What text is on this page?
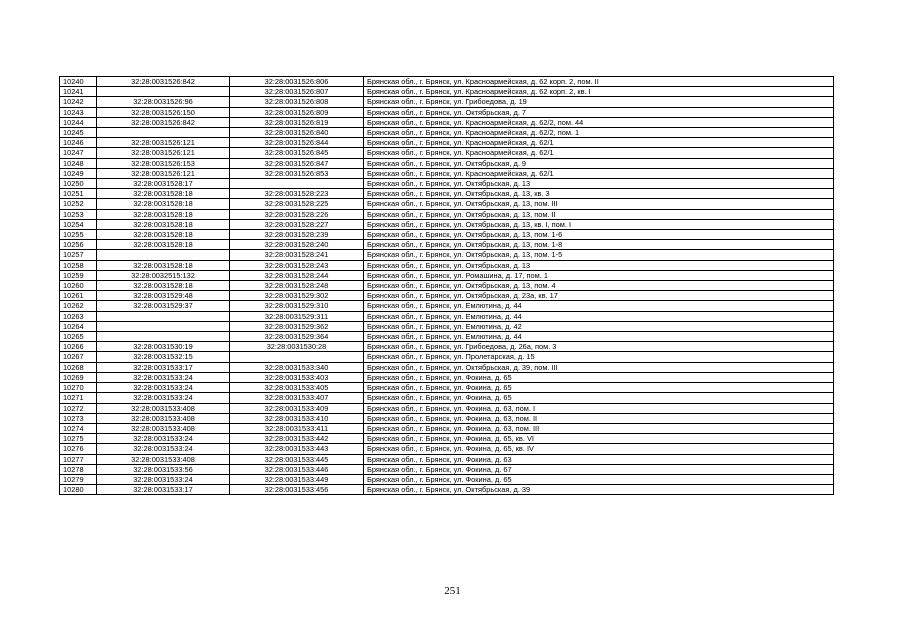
10240	32:28:0031526:842	32:28:0031526:806	Брянская обл., г. Брянск, ул. Красноармейская, д. 62 корп. 2, пом. II
10241		32:28:0031526:807	Брянская обл., г. Брянск, ул. Красноармейская, д. 62 корп. 2, кв. I
10242	32:28:0031526:96	32:28:0031526:808	Брянская обл., г. Брянск, ул. Грибоедова, д. 19
10243	32:28:0031526:150	32:28:0031526:809	Брянская обл., г. Брянск, ул. Октябрьская, д. 7
10244	32:28:0031526:842	32:28:0031526:819	Брянская обл., г. Брянск, ул. Красноармейская, д. 62/2, пом. 44
10245		32:28:0031526:840	Брянская обл., г. Брянск, ул. Красноармейская, д. 62/2, пом. 1
10246	32:28:0031526:121	32:28:0031526:844	Брянская обл., г. Брянск, ул. Красноармейская, д. 62/1
10247	32:28:0031526:121	32:28:0031526:845	Брянская обл., г. Брянск, ул. Красноармейская, д. 62/1
10248	32:28:0031526:153	32:28:0031526:847	Брянская обл., г. Брянск, ул. Октябрьская, д. 9
10249	32:28:0031526:121	32:28:0031526:853	Брянская обл., г. Брянск, ул. Красноармейская, д. 62/1
10250	32:28:0031528:17		Брянская обл., г. Брянск, ул. Октябрьская, д. 13
10251	32:28:0031528:18	32:28:0031528:223	Брянская обл., г. Брянск, ул. Октябрьская, д. 13, кв. 3
10252	32:28:0031528:18	32:28:0031528:225	Брянская обл., г. Брянск, ул. Октябрьская, д. 13, пом. III
10253	32:28:0031528:18	32:28:0031528:226	Брянская обл., г. Брянск, ул. Октябрьская, д. 13, пом. II
10254	32:28:0031528:18	32:28:0031528:227	Брянская обл., г. Брянск, ул. Октябрьская, д. 13, кв. I, пом. I
10255	32:28:0031528:18	32:28:0031528:239	Брянская обл., г. Брянск, ул. Октябрьская, д. 13, пом. 1-6
10256	32:28:0031528:18	32:28:0031528:240	Брянская обл., г. Брянск, ул. Октябрьская, д. 13, пом. 1-8
10257		32:28:0031528:241	Брянская обл., г. Брянск, ул. Октябрьская, д. 13, пом. 1-5
10258	32:28:0031528:18	32:28:0031528:243	Брянская обл., г. Брянск, ул. Октябрьская, д. 13
10259	32:28:0032515:132	32:28:0031528:244	Брянская обл., г. Брянск, ул. Ромашина, д. 17, пом. 1
10260	32:28:0031528:18	32:28:0031528:248	Брянская обл., г. Брянск, ул. Октябрьская, д. 13, пом. 4
10261	32:28:0031529:48	32:28:0031529:302	Брянская обл., г. Брянск, ул. Октябрьская, д. 23а, кв. 17
10262	32:28:0031529:37	32:28:0031529:310	Брянская обл., г. Брянск, ул. Емлютина, д. 44
10263		32:28:0031529:311	Брянская обл., г. Брянск, ул. Емлютина, д. 44
10264		32:28:0031529:362	Брянская обл., г. Брянск, ул. Емлютина, д. 42
10265		32:28:0031529:364	Брянская обл., г. Брянск, ул. Емлютина, д. 44
10266	32:28:0031530:19	32:28:0031530:28	Брянская обл., г. Брянск, ул. Грибоедова, д. 26а, пом. 3
10267	32:28:0031532:15		Брянская обл., г. Брянск, ул. Пролетарская, д. 15
10268	32:28:0031533:17	32:28:0031533:340	Брянская обл., г. Брянск, ул. Октябрьская, д. 39, пом. III
10269	32:28:0031533:24	32:28:0031533:403	Брянская обл., г. Брянск, ул. Фокина, д. 65
10270	32:28:0031533:24	32:28:0031533:405	Брянская обл., г. Брянск, ул. Фокина, д. 65
10271	32:28:0031533:24	32:28:0031533:407	Брянская обл., г. Брянск, ул. Фокина, д. 65
10272	32:28:0031533:408	32:28:0031533:409	Брянская обл., г. Брянск, ул. Фокина, д. 63, пом. I
10273	32:28:0031533:408	32:28:0031533:410	Брянская обл., г. Брянск, ул. Фокина, д. 63, пом. II
10274	32:28:0031533:408	32:28:0031533:411	Брянская обл., г. Брянск, ул. Фокина, д. 63, пом. III
10275	32:28:0031533:24	32:28:0031533:442	Брянская обл., г. Брянск, ул. Фокина, д. 65, кв. VI
10276	32:28:0031533:24	32:28:0031533:443	Брянская обл., г. Брянск, ул. Фокина, д. 65, кв. IV
10277	32:28:0031533:408	32:28:0031533:445	Брянская обл., г. Брянск, ул. Фокина, д. 63
10278	32:28:0031533:56	32:28:0031533:446	Брянская обл., г. Брянск, ул. Фокина, д. 67
10279	32:28:0031533:24	32:28:0031533:449	Брянская обл., г. Брянск, ул. Фокина, д. 65
10280	32:28:0031533:17	32:28:0031533:456	Брянская обл., г. Брянск, ул. Октябрьская, д. 39
251
